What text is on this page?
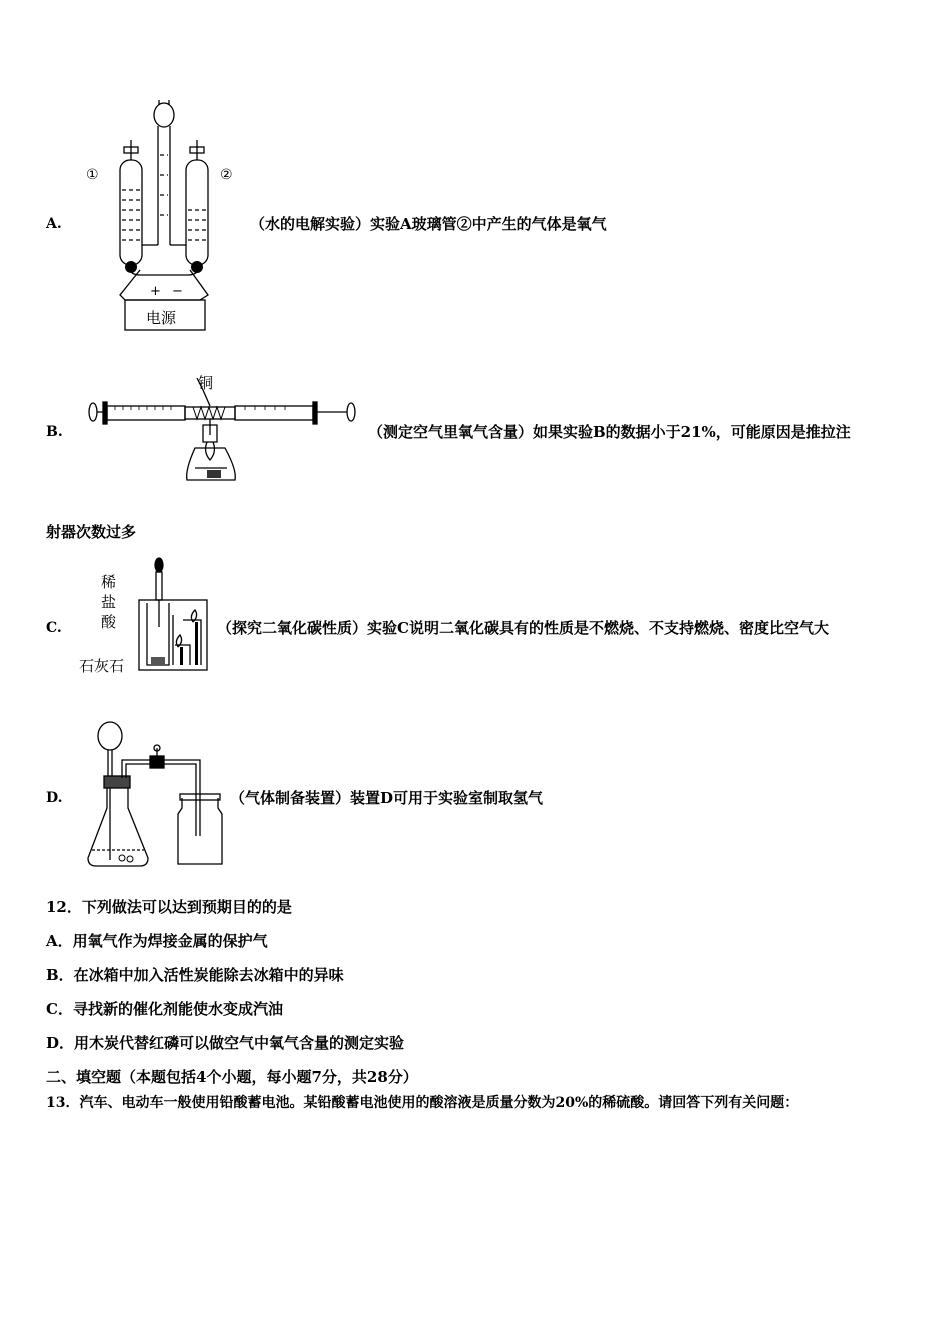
A.
①	②
+ −
电源
（水的电解实验）实验A玻璃管②中产生的气体是氧气
B.
铜
（测定空气里氧气含量）如果实验B的数据小于21%，可能原因是推拉注
射器次数过多
C.
稀
盐
酸
石灰石
（探究二氧化碳性质）实验C说明二氧化碳具有的性质是不燃烧、不支持燃烧、密度比空气大
D.	（气体制备装置）装置D可用于实验室制取氢气
12．下列做法可以达到预期目的的是
A．用氧气作为焊接金属的保护气
B．在冰箱中加入活性炭能除去冰箱中的异味
C．寻找新的催化剂能使水变成汽油
D．用木炭代替红磷可以做空气中氧气含量的测定实验
二、填空题（本题包括4个小题，每小题7分，共28分）
13．汽车、电动车一般使用铅酸蓄电池。某铅酸蓄电池使用的酸溶液是质量分数为20%的稀硫酸。请回答下列有关问题：
